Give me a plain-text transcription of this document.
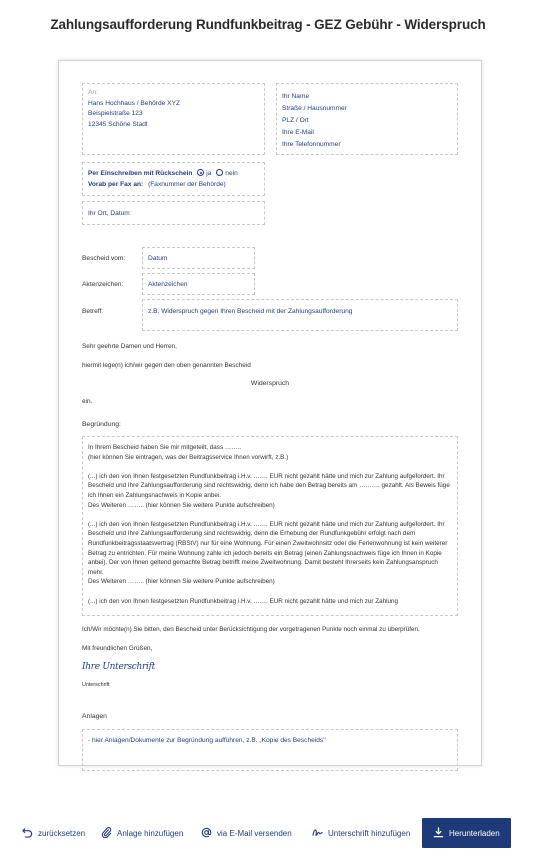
Zahlungsaufforderung Rundfunkbeitrag - GEZ Gebühr - Widerspruch
An:
Hans Hochhaus / Behörde XYZ
Beispielstraße 123
12345 Schöne Stadt
Ihr Name
Straße / Hausnummer
PLZ / Ort
Ihre E-Mail
Ihre Telefonnummer
Per Einschreiben mit Rückschein ja nein
Vorab per Fax an: (Faxnummer der Behörde)
Ihr Ort, Datum
Bescheid vom:	Datum
Aktenzeichen:	Aktenzeichen
Betreff:	z.B. Widerspruch gegen Ihren Bescheid mit der Zahlungsaufforderung
Sehr geehrte Damen und Herren,
hiermit lege(n) ich/wir gegen den oben genannten Bescheid
Widerspruch
ein.
Begründung:

In Ihrem Bescheid haben Sie mir mitgeteilt, dass ……..
(hier können Sie eintragen, was der Beitragsservice Ihnen vorwirft, z.B.)

(...) ich den von Ihnen festgesetzten Rundfunkbeitrag i.H.v. ……. EUR nicht gezahlt hätte und mich zur Zahlung aufgefordert. Ihr Bescheid und Ihre Zahlungsaufforderung sind rechtswidrig, denn ich habe den Betrag bereits am ………. gezahlt. Als Beweis füge ich Ihnen ein Zahlungsnachweis in Kopie anbei.
Des Weiteren …….. (hier können Sie weitere Punkte aufschreiben)

(...) ich den von Ihnen festgesetzten Rundfunkbeitrag i.H.v. ……. EUR nicht gezahlt hätte und mich zur Zahlung aufgefordert. Ihr Bescheid und Ihre Zahlungsaufforderung sind rechtswidrig, denn die Erhebung der Rundfunkgebühr erfolgt nach dem Rundfunkbeitragsstaatsvertrag (RBStV) nur für eine Wohnung. Für einen Zweitwohnsitz oder die Ferienwohnung ist kein weiterer Betrag zu entrichten. Für meine Wohnung zahle ich jedoch bereits ein Betrag (einen Zahlungsnachweis füge ich Ihnen in Kopie anbei). Der von Ihnen geltend gemachte Betrag betrifft meine Zweitwohnung. Damit besteht Ihrerseits kein Zahlungsanspruch mehr.
Des Weiteren …….. (hier können Sie weitere Punkte aufschreiben)

(...) ich den von Ihnen festgesetzten Rundfunkbeitrag i.H.v. ……. EUR nicht gezahlt hätte und mich zur Zahlung

Ich/Wir möchte(n) Sie bitten, den Bescheid unter Berücksichtigung der vorgetragenen Punkte noch einmal zu überprüfen.
Mit freundlichen Grüßen,
Ihre Unterschrift
Unterschrift
Anlagen
- hier Anlagen/Dokumente zur Begründung aufführen, z.B. „Kopie des Bescheids"
zurücksetzen	Anlage hinzufügen	via E-Mail versenden	Unterschrift hinzufügen	Herunterladen
